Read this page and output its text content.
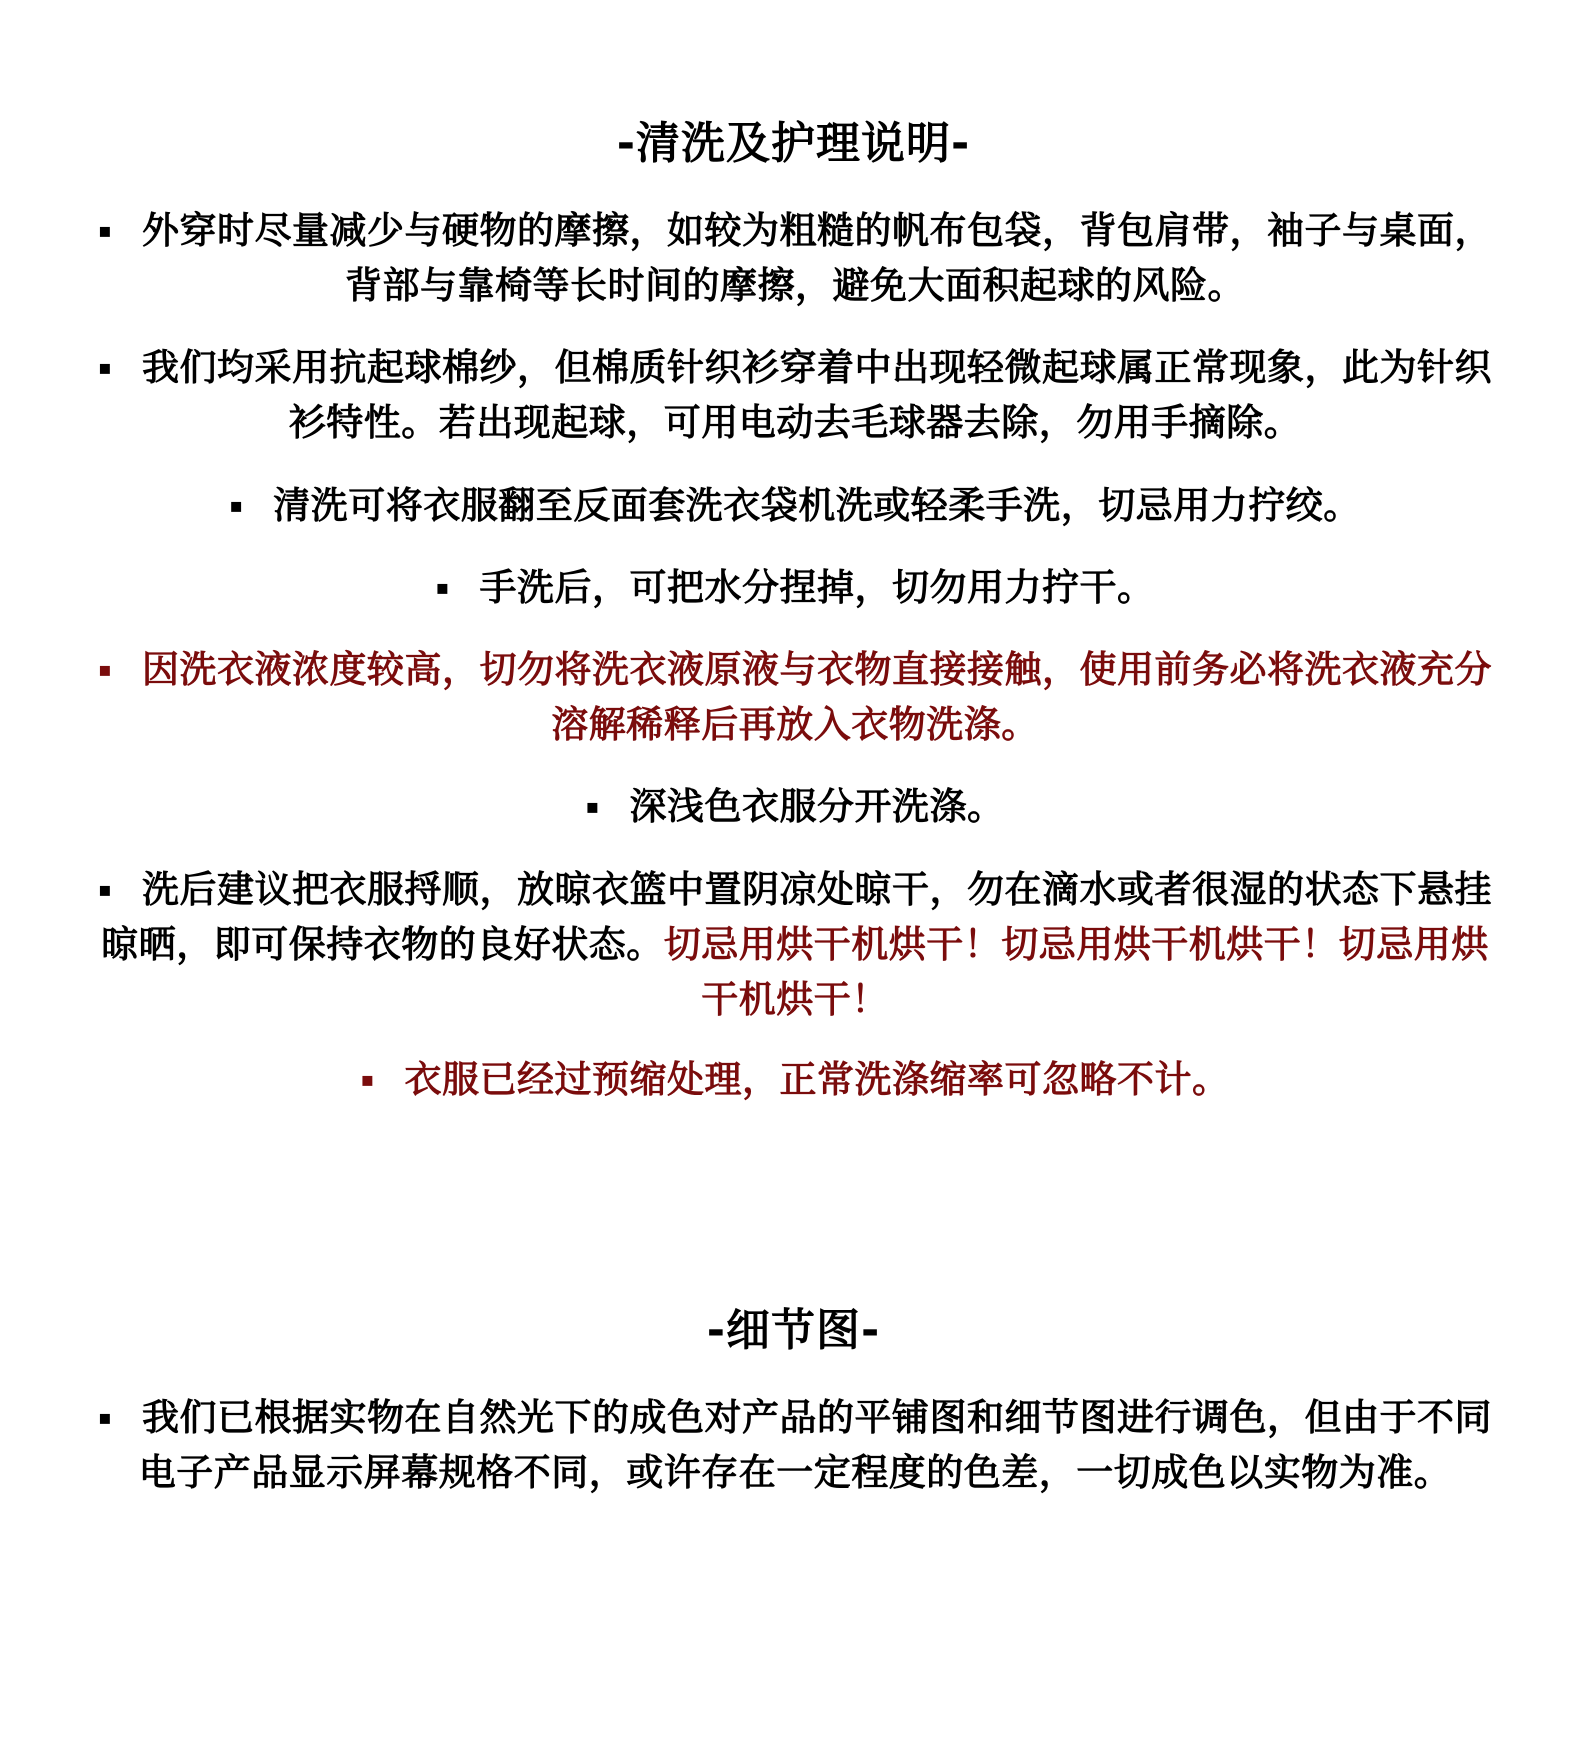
-清洗及护理说明-
▪ 外穿时尽量减少与硬物的摩擦，如较为粗糙的帆布包袋，背包肩带，袖子与桌面，背部与靠椅等长时间的摩擦，避免大面积起球的风险。
▪ 我们均采用抗起球棉纱，但棉质针织衫穿着中出现轻微起球属正常现象，此为针织衫特性。若出现起球，可用电动去毛球器去除，勿用手摘除。
▪ 清洗可将衣服翻至反面套洗衣袋机洗或轻柔手洗，切忌用力拧绞。
▪ 手洗后，可把水分捏掉，切勿用力拧干。
▪ 因洗衣液浓度较高，切勿将洗衣液原液与衣物直接接触，使用前务必将洗衣液充分溶解稀释后再放入衣物洗涤。
▪ 深浅色衣服分开洗涤。
▪ 洗后建议把衣服捋顺，放晾衣篮中置阴凉处晾干，勿在滴水或者很湿的状态下悬挂晾晒，即可保持衣物的良好状态。切忌用烘干机烘干！切忌用烘干机烘干！切忌用烘干机烘干！
▪ 衣服已经过预缩处理，正常洗涤缩率可忽略不计。
-细节图-
▪ 我们已根据实物在自然光下的成色对产品的平铺图和细节图进行调色，但由于不同电子产品显示屏幕规格不同，或许存在一定程度的色差，一切成色以实物为准。
